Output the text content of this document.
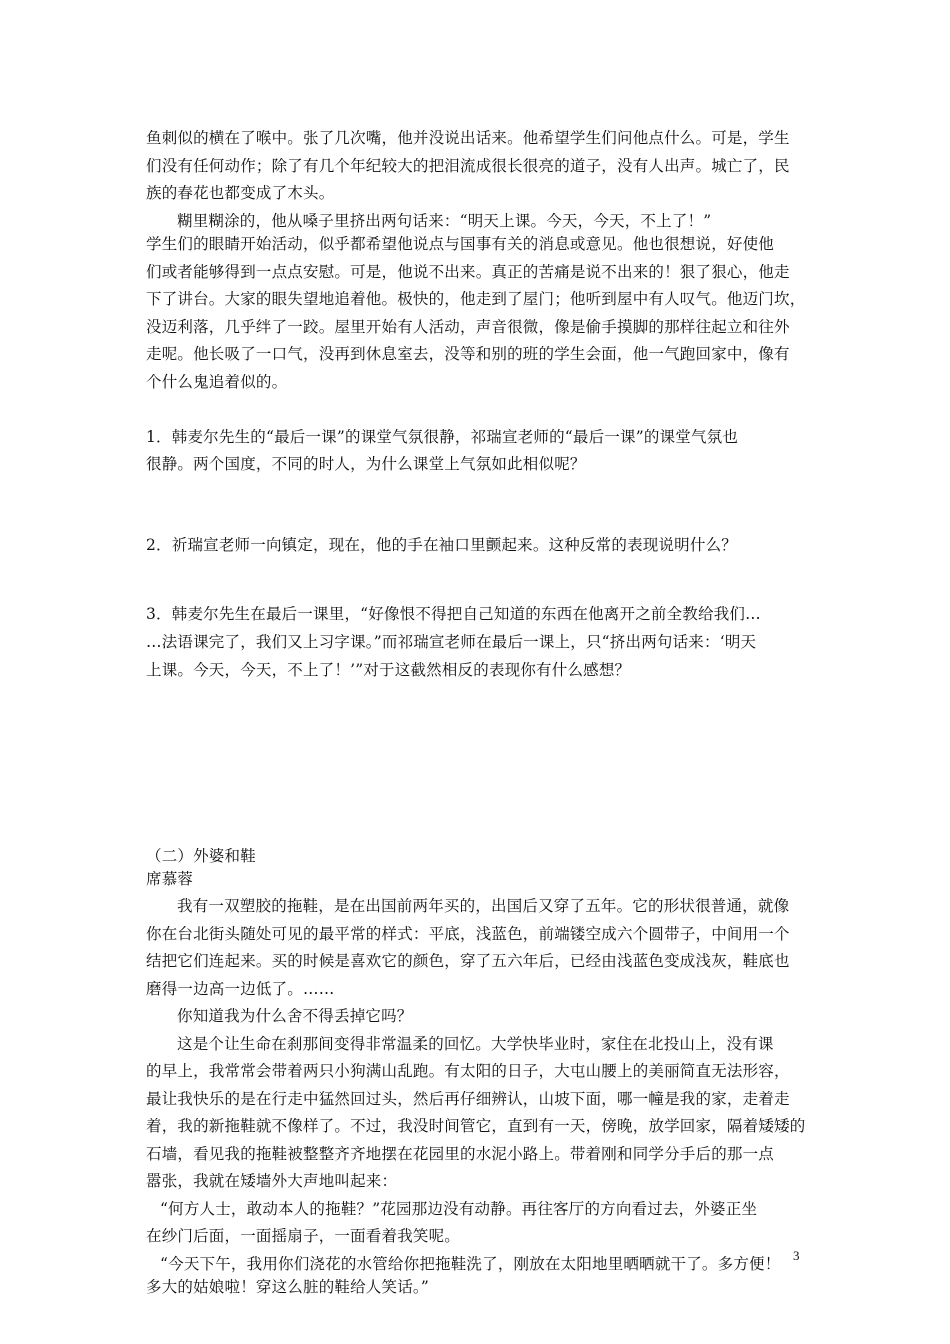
鱼刺似的横在了喉中。张了几次嘴，他并没说出话来。他希望学生们问他点什么。可是，学生
们没有任何动作；除了有几个年纪较大的把泪流成很长很亮的道子，没有人出声。城亡了，民
族的春花也都变成了木头。
糊里糊涂的，他从嗓子里挤出两句话来：“明天上课。今天，今天，不上了！”
学生们的眼睛开始活动，似乎都希望他说点与国事有关的消息或意见。他也很想说，好使他
们或者能够得到一点点安慰。可是，他说不出来。真正的苦痛是说不出来的！狠了狠心，他走
下了讲台。大家的眼失望地追着他。极快的，他走到了屋门；他听到屋中有人叹气。他迈门坎，
没迈利落，几乎绊了一跤。屋里开始有人活动，声音很微，像是偷手摸脚的那样往起立和往外
走呢。他长吸了一口气，没再到休息室去，没等和别的班的学生会面，他一气跑回家中，像有
个什么鬼追着似的。
1．韩麦尔先生的“最后一课”的课堂气氛很静，祁瑞宣老师的“最后一课”的课堂气氛也
很静。两个国度，不同的时人，为什么课堂上气氛如此相似呢？
2．祈瑞宣老师一向镇定，现在，他的手在袖口里颤起来。这种反常的表现说明什么？
3．韩麦尔先生在最后一课里，“好像恨不得把自己知道的东西在他离开之前全教给我们…
…法语课完了，我们又上习字课。”而祁瑞宣老师在最后一课上，只“挤出两句话来：‘明天
上课。今天，今天，不上了！’”对于这截然相反的表现你有什么感想？
（二）外婆和鞋
席慕蓉
我有一双塑胶的拖鞋，是在出国前两年买的，出国后又穿了五年。它的形状很普通，就像
你在台北街头随处可见的最平常的样式：平底，浅蓝色，前端镂空成六个圆带子，中间用一个
结把它们连起来。买的时候是喜欢它的颜色，穿了五六年后，已经由浅蓝色变成浅灰，鞋底也
磨得一边高一边低了。……
你知道我为什么舍不得丢掉它吗？
这是个让生命在刹那间变得非常温柔的回忆。大学快毕业时，家住在北投山上，没有课
的早上，我常常会带着两只小狗满山乱跑。有太阳的日子，大屯山腰上的美丽简直无法形容，
最让我快乐的是在行走中猛然回过头，然后再仔细辨认，山坡下面，哪一幢是我的家，走着走
着，我的新拖鞋就不像样了。不过，我没时间管它，直到有一天，傍晚，放学回家，隔着矮矮的
石墙，看见我的拖鞋被整整齐齐地摆在花园里的水泥小路上。带着刚和同学分手后的那一点
嚣张，我就在矮墙外大声地叫起来：
“何方人士，敢动本人的拖鞋？”花园那边没有动静。再往客厅的方向看过去，外婆正坐
在纱门后面，一面摇扇子，一面看着我笑呢。
“今天下午，我用你们浇花的水管给你把拖鞋洗了，刚放在太阳地里晒晒就干了。多方便！
多大的姑娘啦！穿这么脏的鞋给人笑话。”
3
